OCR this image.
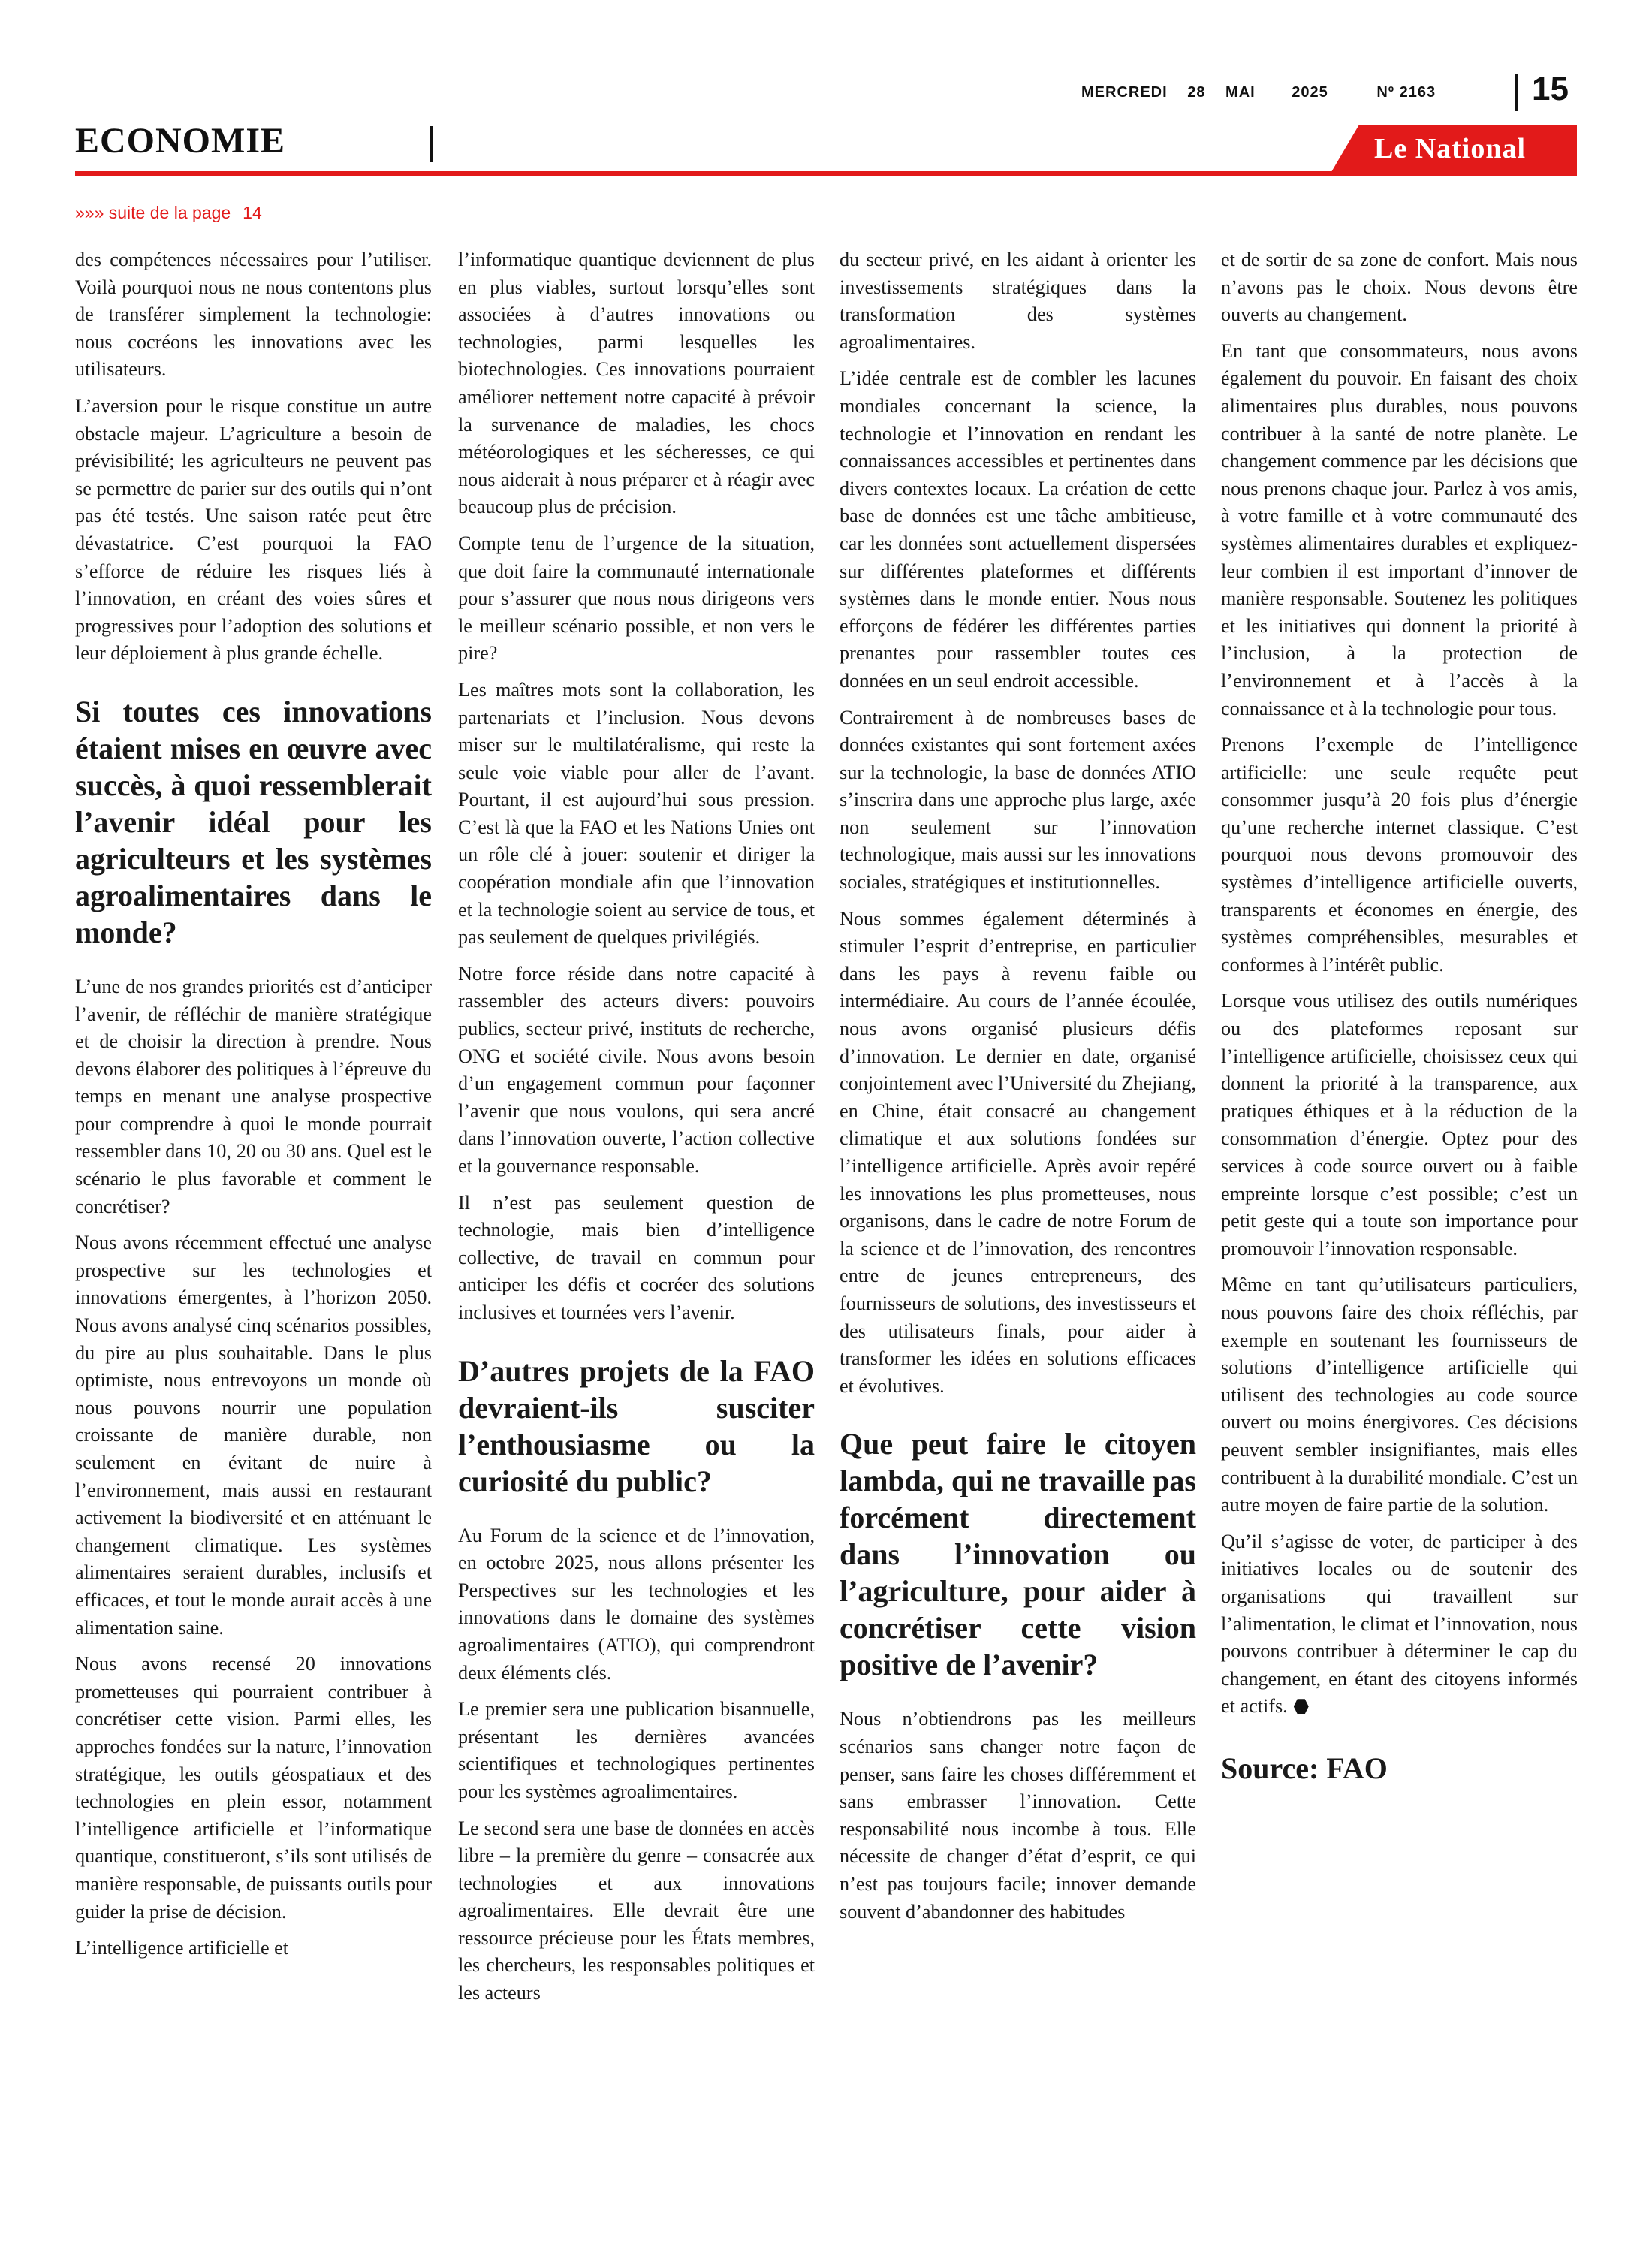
MERCREDI 28 MAI 2025	Nº 2163	15
ECONOMIE	Le National
»»» suite de la page 14

des compétences nécessaires pour l’utiliser. Voilà pourquoi nous ne nous contentons plus de transférer simplement la technologie: nous cocréons les innovations avec les utilisateurs.

L’aversion pour le risque constitue un autre obstacle majeur. L’agriculture a besoin de prévisibilité; les agriculteurs ne peuvent pas se permettre de parier sur des outils qui n’ont pas été testés. Une saison ratée peut être dévastatrice. C’est pourquoi la FAO s’efforce de réduire les risques liés à l’innovation, en créant des voies sûres et progressives pour l’adoption des solutions et leur déploiement à plus grande échelle.

Si toutes ces innovations étaient mises en œuvre avec succès, à quoi ressemblerait l’avenir idéal pour les agriculteurs et les systèmes agroalimentaires dans le monde?

L’une de nos grandes priorités est d’anticiper l’avenir, de réfléchir de manière stratégique et de choisir la direction à prendre. Nous devons élaborer des politiques à l’épreuve du temps en menant une analyse prospective pour comprendre à quoi le monde pourrait ressembler dans 10, 20 ou 30 ans. Quel est le scénario le plus favorable et comment le concrétiser?

Nous avons récemment effectué une analyse prospective sur les technologies et innovations émergentes, à l’horizon 2050. Nous avons analysé cinq scénarios possibles, du pire au plus souhaitable. Dans le plus optimiste, nous entrevoyons un monde où nous pouvons nourrir une population croissante de manière durable, non seulement en évitant de nuire à l’environnement, mais aussi en restaurant activement la biodiversité et en atténuant le changement climatique. Les systèmes alimentaires seraient durables, inclusifs et efficaces, et tout le monde aurait accès à une alimentation saine.

Nous avons recensé 20 innovations prometteuses qui pourraient contribuer à concrétiser cette vision. Parmi elles, les approches fondées sur la nature, l’innovation stratégique, les outils géospatiaux et des technologies en plein essor, notamment l’intelligence artificielle et l’informatique quantique, constitueront, s’ils sont utilisés de manière responsable, de puissants outils pour guider la prise de décision.

L’intelligence artificielle et

l’informatique quantique deviennent de plus en plus viables, surtout lorsqu’elles sont associées à d’autres innovations ou technologies, parmi lesquelles les biotechnologies. Ces innovations pourraient améliorer nettement notre capacité à prévoir la survenance de maladies, les chocs météorologiques et les sécheresses, ce qui nous aiderait à nous préparer et à réagir avec beaucoup plus de précision.

Compte tenu de l’urgence de la situation, que doit faire la communauté internationale pour s’assurer que nous nous dirigeons vers le meilleur scénario possible, et non vers le pire?

Les maîtres mots sont la collaboration, les partenariats et l’inclusion. Nous devons miser sur le multilatéralisme, qui reste la seule voie viable pour aller de l’avant. Pourtant, il est aujourd’hui sous pression. C’est là que la FAO et les Nations Unies ont un rôle clé à jouer: soutenir et diriger la coopération mondiale afin que l’innovation et la technologie soient au service de tous, et pas seulement de quelques privilégiés.

Notre force réside dans notre capacité à rassembler des acteurs divers: pouvoirs publics, secteur privé, instituts de recherche, ONG et société civile. Nous avons besoin d’un engagement commun pour façonner l’avenir que nous voulons, qui sera ancré dans l’innovation ouverte, l’action collective et la gouvernance responsable.

Il n’est pas seulement question de technologie, mais bien d’intelligence collective, de travail en commun pour anticiper les défis et cocréer des solutions inclusives et tournées vers l’avenir.

D’autres projets de la FAO devraient-ils susciter l’enthousiasme ou la curiosité du public?

Au Forum de la science et de l’innovation, en octobre 2025, nous allons présenter les Perspectives sur les technologies et les innovations dans le domaine des systèmes agroalimentaires (ATIO), qui comprendront deux éléments clés.

Le premier sera une publication bisannuelle, présentant les dernières avancées scientifiques et technologiques pertinentes pour les systèmes agroalimentaires.

Le second sera une base de données en accès libre – la première du genre – consacrée aux technologies et aux innovations agroalimentaires. Elle devrait être une ressource précieuse pour les États membres, les chercheurs, les responsables politiques et les acteurs

du secteur privé, en les aidant à orienter les investissements stratégiques dans la transformation des systèmes agroalimentaires.

L’idée centrale est de combler les lacunes mondiales concernant la science, la technologie et l’innovation en rendant les connaissances accessibles et pertinentes dans divers contextes locaux. La création de cette base de données est une tâche ambitieuse, car les données sont actuellement dispersées sur différentes plateformes et différents systèmes dans le monde entier. Nous nous efforçons de fédérer les différentes parties prenantes pour rassembler toutes ces données en un seul endroit accessible.

Contrairement à de nombreuses bases de données existantes qui sont fortement axées sur la technologie, la base de données ATIO s’inscrira dans une approche plus large, axée non seulement sur l’innovation technologique, mais aussi sur les innovations sociales, stratégiques et institutionnelles.

Nous sommes également déterminés à stimuler l’esprit d’entreprise, en particulier dans les pays à revenu faible ou intermédiaire. Au cours de l’année écoulée, nous avons organisé plusieurs défis d’innovation. Le dernier en date, organisé conjointement avec l’Université du Zhejiang, en Chine, était consacré au changement climatique et aux solutions fondées sur l’intelligence artificielle. Après avoir repéré les innovations les plus prometteuses, nous organisons, dans le cadre de notre Forum de la science et de l’innovation, des rencontres entre de jeunes entrepreneurs, des fournisseurs de solutions, des investisseurs et des utilisateurs finals, pour aider à transformer les idées en solutions efficaces et évolutives.

Que peut faire le citoyen lambda, qui ne travaille pas forcément directement dans l’innovation ou l’agriculture, pour aider à concrétiser cette vision positive de l’avenir?

Nous n’obtiendrons pas les meilleurs scénarios sans changer notre façon de penser, sans faire les choses différemment et sans embrasser l’innovation. Cette responsabilité nous incombe à tous. Elle nécessite de changer d’état d’esprit, ce qui n’est pas toujours facile; innover demande souvent d’abandonner des habitudes

et de sortir de sa zone de confort. Mais nous n’avons pas le choix. Nous devons être ouverts au changement.

En tant que consommateurs, nous avons également du pouvoir. En faisant des choix alimentaires plus durables, nous pouvons contribuer à la santé de notre planète. Le changement commence par les décisions que nous prenons chaque jour. Parlez à vos amis, à votre famille et à votre communauté des systèmes alimentaires durables et expliquez-leur combien il est important d’innover de manière responsable. Soutenez les politiques et les initiatives qui donnent la priorité à l’inclusion, à la protection de l’environnement et à l’accès à la connaissance et à la technologie pour tous.

Prenons l’exemple de l’intelligence artificielle: une seule requête peut consommer jusqu’à 20 fois plus d’énergie qu’une recherche internet classique. C’est pourquoi nous devons promouvoir des systèmes d’intelligence artificielle ouverts, transparents et économes en énergie, des systèmes compréhensibles, mesurables et conformes à l’intérêt public.

Lorsque vous utilisez des outils numériques ou des plateformes reposant sur l’intelligence artificielle, choisissez ceux qui donnent la priorité à la transparence, aux pratiques éthiques et à la réduction de la consommation d’énergie. Optez pour des services à code source ouvert ou à faible empreinte lorsque c’est possible; c’est un petit geste qui a toute son importance pour promouvoir l’innovation responsable.

Même en tant qu’utilisateurs particuliers, nous pouvons faire des choix réfléchis, par exemple en soutenant les fournisseurs de solutions d’intelligence artificielle qui utilisent des technologies au code source ouvert ou moins énergivores. Ces décisions peuvent sembler insignifiantes, mais elles contribuent à la durabilité mondiale. C’est un autre moyen de faire partie de la solution.

Qu’il s’agisse de voter, de participer à des initiatives locales ou de soutenir des organisations qui travaillent sur l’alimentation, le climat et l’innovation, nous pouvons contribuer à déterminer le cap du changement, en étant des citoyens informés et actifs.

Source: FAO
